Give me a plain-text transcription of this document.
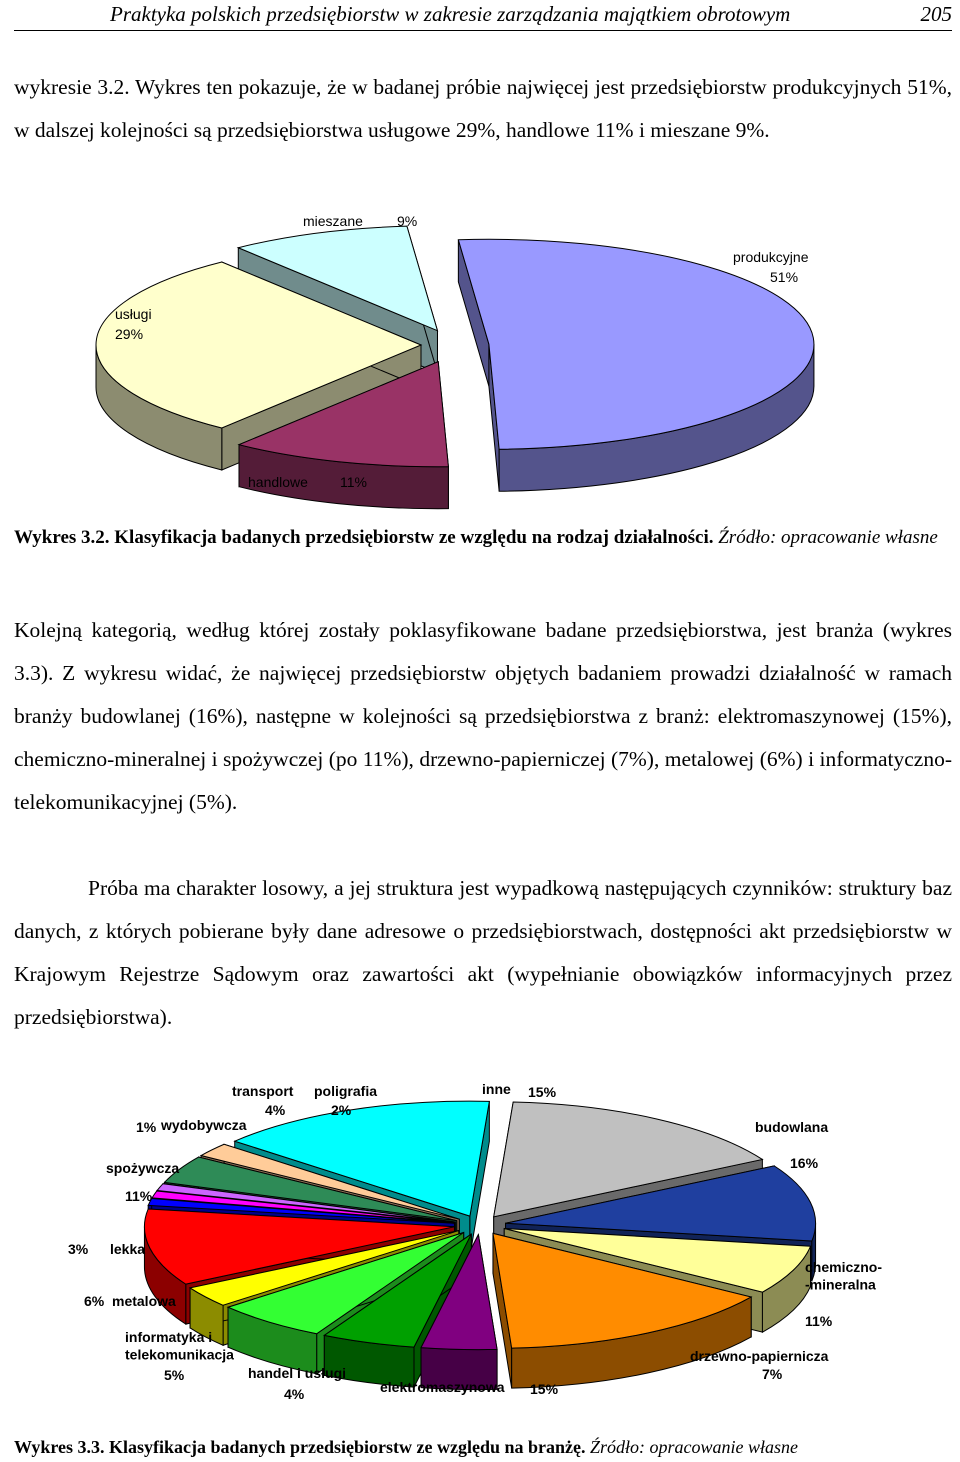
Praktyka polskich przedsiębiorstw w zakresie zarządzania majątkiem obrotowym	205

wykresie 3.2. Wykres ten pokazuje, że w badanej próbie najwięcej jest przedsiębiorstw produkcyjnych 51%, w dalszej kolejności są przedsiębiorstwa usługowe 29%, handlowe 11% i mieszane 9%.

produkcyjne
51%
handlowe 11%
usługi
29%
mieszane 9%
Wykres 3.2. Klasyfikacja badanych przedsiębiorstw ze względu na rodzaj działalności. Źródło: opracowanie własne

Kolejną kategorią, według której zostały poklasyfikowane badane przedsiębiorstwa, jest branża (wykres 3.3). Z wykresu widać, że najwięcej przedsiębiorstw objętych badaniem prowadzi działalność w ramach branży budowlanej (16%), następne w kolejności są przedsiębiorstwa z branż: elektromaszynowej (15%), chemiczno-mineralnej i spożywczej (po 11%), drzewno-papierniczej (7%), metalowej (6%) i informatyczno-telekomunikacyjnej (5%).

Próba ma charakter losowy, a jej struktura jest wypadkową następujących czynników: struktury baz danych, z których pobierane były dane adresowe o przedsiębiorstwach, dostępności akt przedsiębiorstw w Krajowym Rejestrze Sądowym oraz zawartości akt (wypełnianie obowiązków informacyjnych przez przedsiębiorstwa).

budowlana
16%
chemiczno--mineralna
11%
drzewno-papiernicza
7%
elektromaszynowa 15%
handel i usługi
4%
informatyka i telekomunikacja
5%
metalowa
6%
lekka
3%
spożywcza
11%
wydobywcza
1%
transport
4%
poligrafia
2%
inne 15%
Wykres 3.3. Klasyfikacja badanych przedsiębiorstw ze względu na branżę. Źródło: opracowanie własne
